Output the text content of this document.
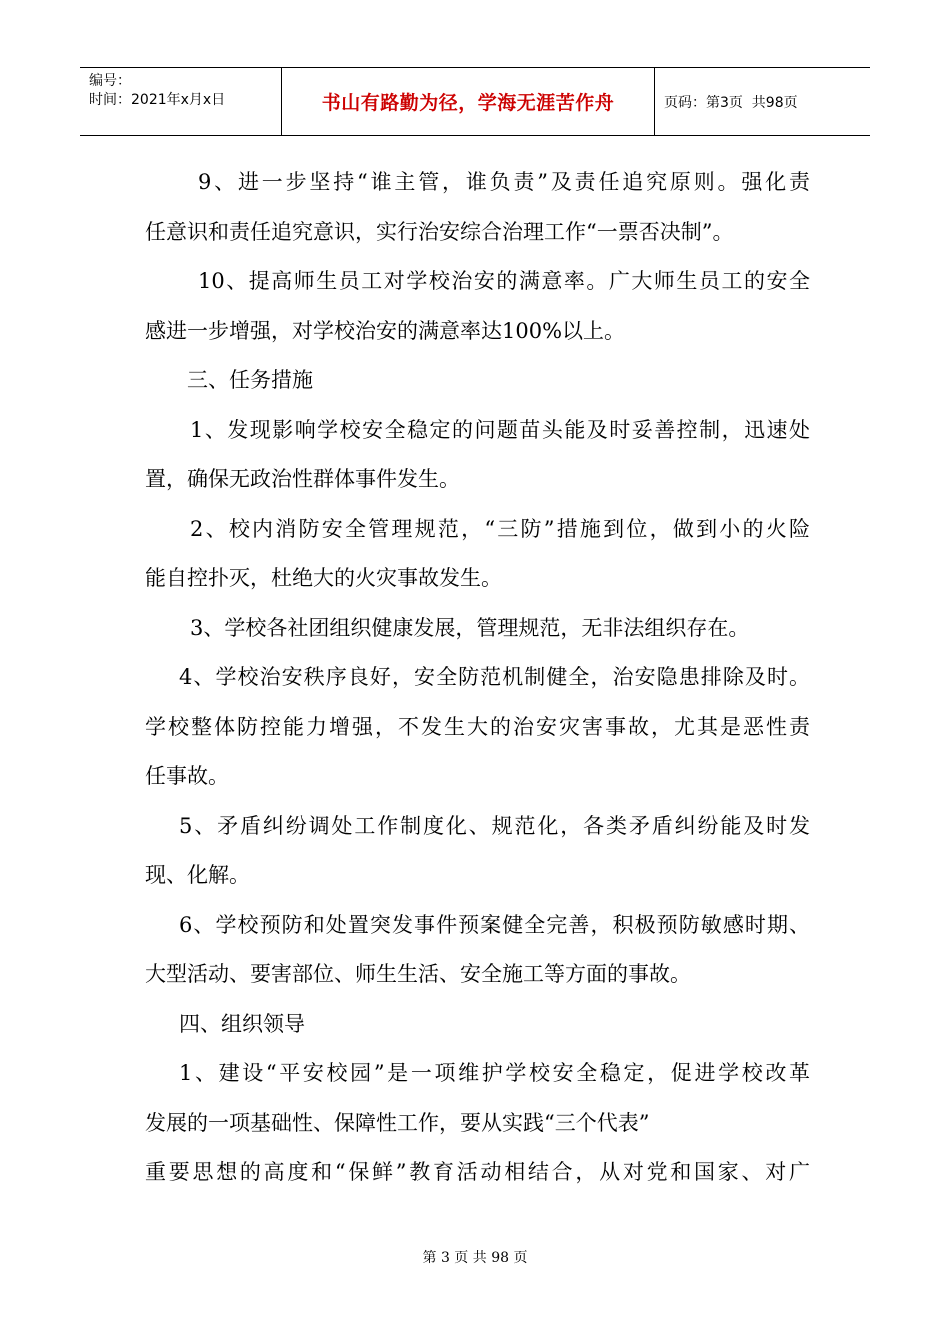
编号：
时间：2021年x月x日	书山有路勤为径，学海无涯苦作舟	页码：第3页  共98页
9、进一步坚持“谁主管，谁负责”及责任追究原则。强化责
任意识和责任追究意识，实行治安综合治理工作“一票否决制”。
10、提高师生员工对学校治安的满意率。广大师生员工的安全
感进一步增强，对学校治安的满意率达100%以上。
三、任务措施
1、发现影响学校安全稳定的问题苗头能及时妥善控制，迅速处
置，确保无政治性群体事件发生。
2、校内消防安全管理规范，“三防”措施到位，做到小的火险
能自控扑灭，杜绝大的火灾事故发生。
3、学校各社团组织健康发展，管理规范，无非法组织存在。
4、学校治安秩序良好，安全防范机制健全，治安隐患排除及时。
学校整体防控能力增强，不发生大的治安灾害事故，尤其是恶性责
任事故。
5、矛盾纠纷调处工作制度化、规范化，各类矛盾纠纷能及时发
现、化解。
6、学校预防和处置突发事件预案健全完善，积极预防敏感时期、
大型活动、要害部位、师生生活、安全施工等方面的事故。
四、组织领导
1、建设“平安校园”是一项维护学校安全稳定，促进学校改革
发展的一项基础性、保障性工作，要从实践“三个代表”
重要思想的高度和“保鲜”教育活动相结合，从对党和国家、对广
第 3 页 共 98 页
